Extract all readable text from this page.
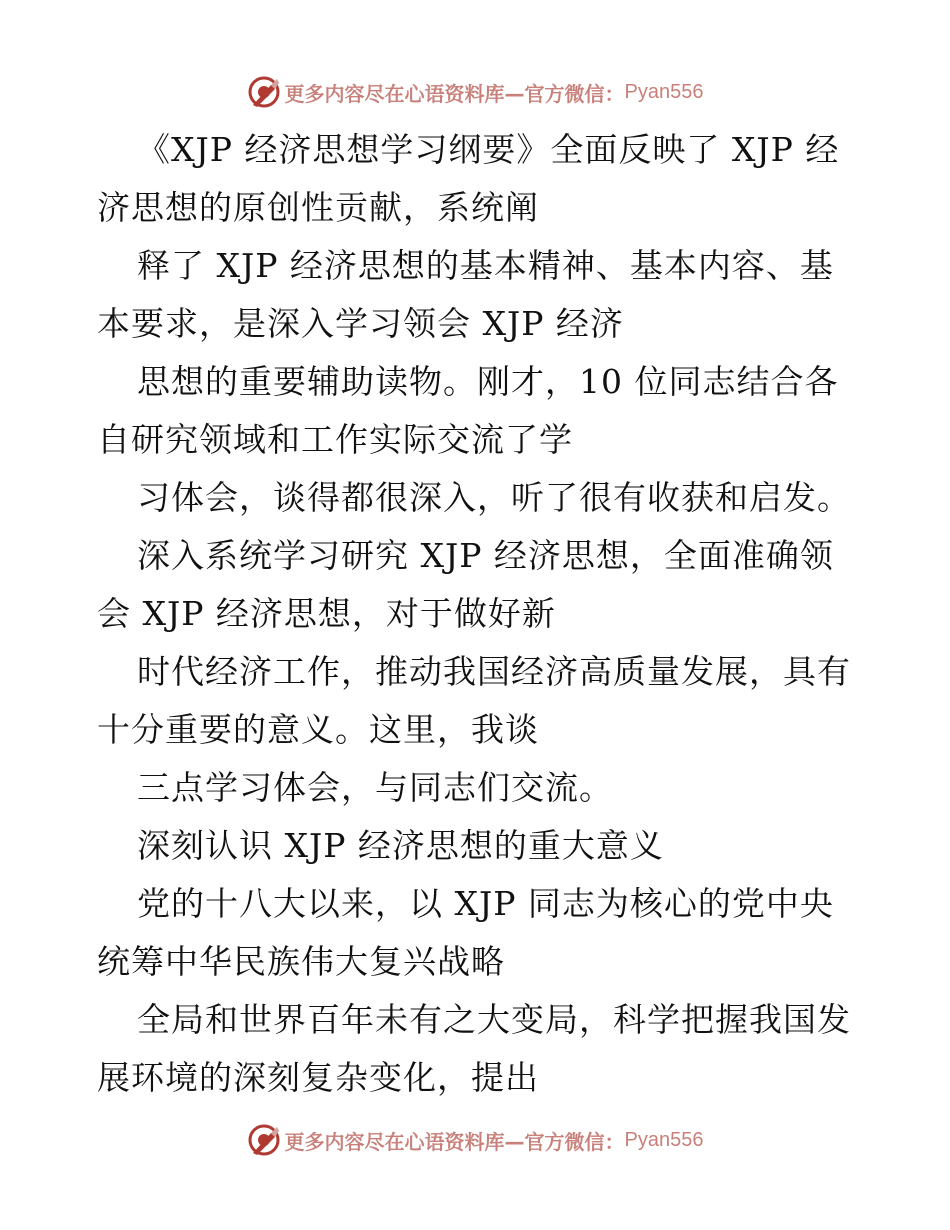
更多内容尽在心语资料库—官方微信： Pyan556
《XJP 经济思想学习纲要》全面反映了 XJP 经
济思想的原创性贡献，系统阐
释了 XJP 经济思想的基本精神、基本内容、基
本要求，是深入学习领会 XJP 经济
思想的重要辅助读物。刚才，10 位同志结合各
自研究领域和工作实际交流了学
习体会，谈得都很深入，听了很有收获和启发。
深入系统学习研究 XJP 经济思想，全面准确领
会 XJP 经济思想，对于做好新
时代经济工作，推动我国经济高质量发展，具有
十分重要的意义。这里，我谈
三点学习体会，与同志们交流。
深刻认识 XJP 经济思想的重大意义
党的十八大以来，以 XJP 同志为核心的党中央
统筹中华民族伟大复兴战略
全局和世界百年未有之大变局，科学把握我国发
展环境的深刻复杂变化，提出
更多内容尽在心语资料库—官方微信： Pyan556
